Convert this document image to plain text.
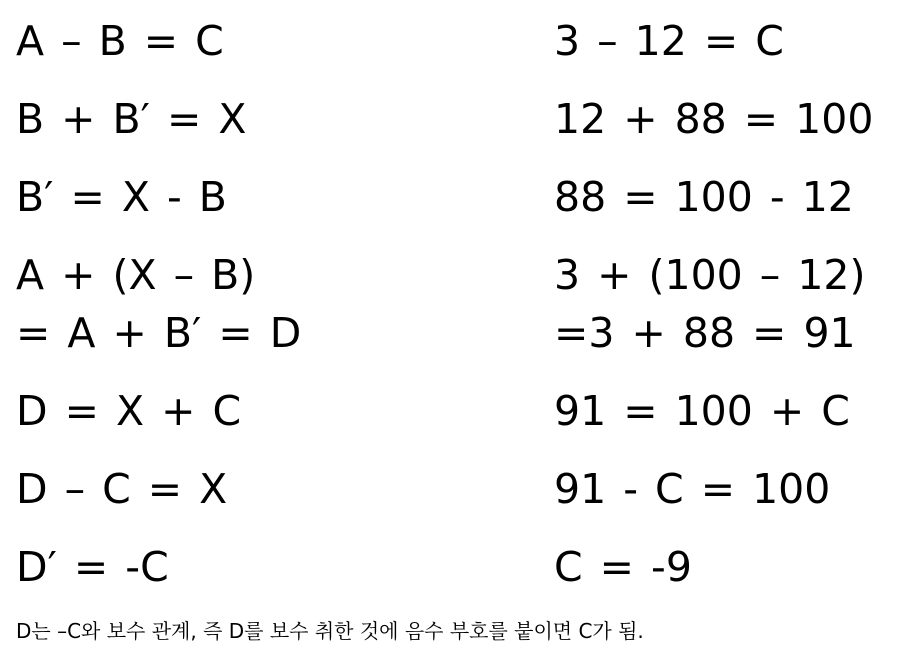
A – B = C	3 – 12 = C
B + B′ = X	12 + 88 = 100
B′ = X - B	88 = 100 - 12
A + (X – B)	3 + (100 – 12)
= A + B′ = D	=3 + 88 = 91
D = X + C	91 = 100 + C
D – C = X	91 - C = 100
D′ = -C	C = -9
D는 –C와 보수 관계, 즉 D를 보수 취한 것에 음수 부호를 붙이면 C가 됨.
